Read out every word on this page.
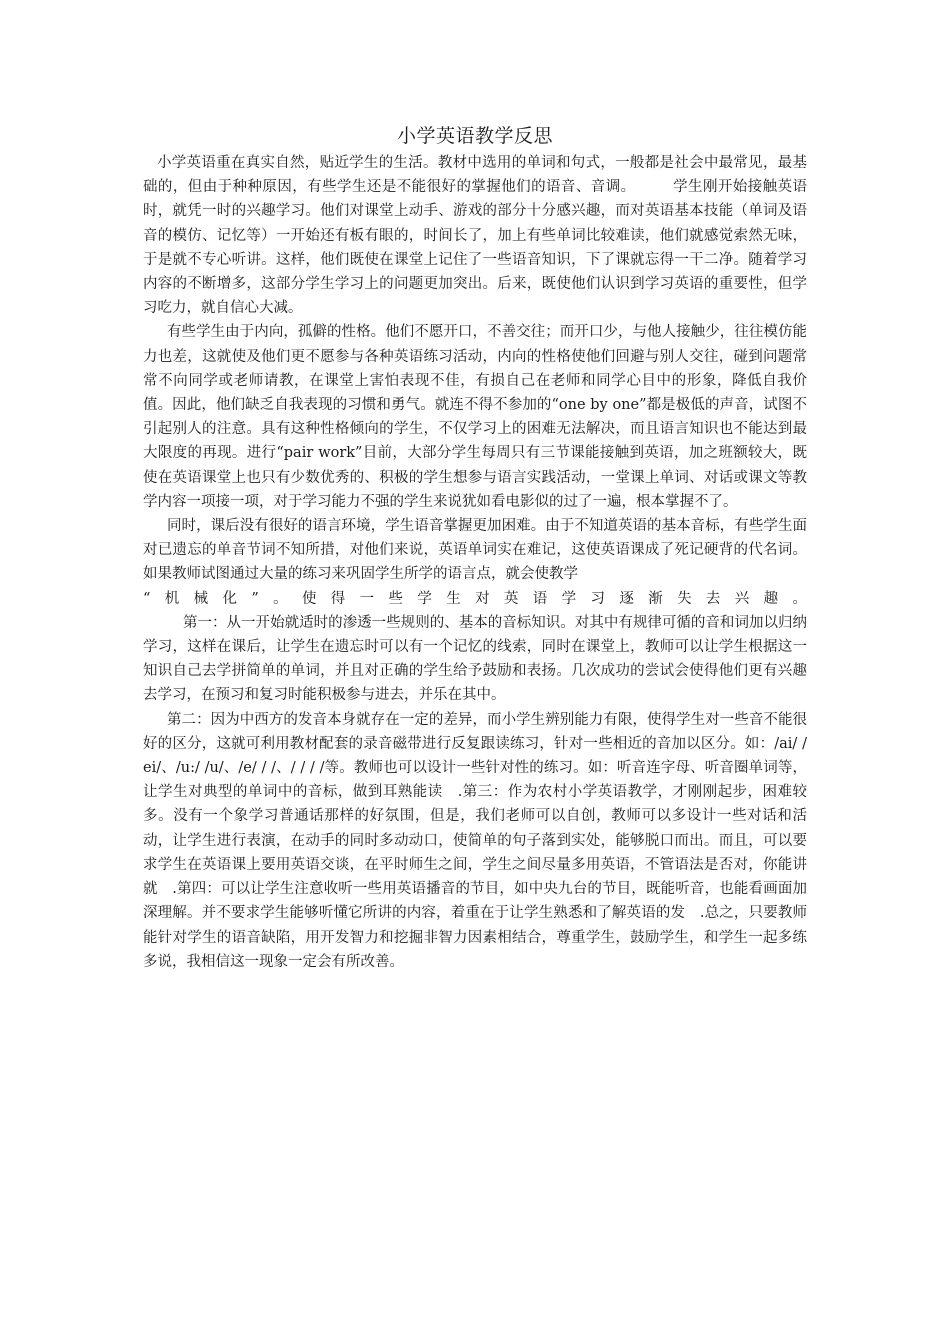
小学英语教学反思

小学英语重在真实自然，贴近学生的生活。教材中选用的单词和句式，一般都是社会中最常见，最基础的，但由于种种原因，有些学生还是不能很好的掌握他们的语音、音调。　　　学生刚开始接触英语时，就凭一时的兴趣学习。他们对课堂上动手、游戏的部分十分感兴趣，而对英语基本技能（单词及语音的模仿、记忆等）一开始还有板有眼的，时间长了，加上有些单词比较难读，他们就感觉索然无味，于是就不专心听讲。这样，他们既使在课堂上记住了一些语音知识，下了课就忘得一干二净。随着学习内容的不断增多，这部分学生学习上的问题更加突出。后来，既使他们认识到学习英语的重要性，但学习吃力，就自信心大减。

有些学生由于内向，孤僻的性格。他们不愿开口，不善交往；而开口少，与他人接触少，往往模仿能力也差，这就使及他们更不愿参与各种英语练习活动，内向的性格使他们回避与别人交往，碰到问题常常不向同学或老师请教，在课堂上害怕表现不佳，有损自己在老师和同学心目中的形象，降低自我价值。因此，他们缺乏自我表现的习惯和勇气。就连不得不参加的“one by one”都是极低的声音，试图不引起别人的注意。具有这种性格倾向的学生，不仅学习上的困难无法解决，而且语言知识也不能达到最大限度的再现。进行“pair work”目前，大部分学生每周只有三节课能接触到英语，加之班额较大，既使在英语课堂上也只有少数优秀的、积极的学生想参与语言实践活动，一堂课上单词、对话或课文等教学内容一项接一项，对于学习能力不强的学生来说犹如看电影似的过了一遍，根本掌握不了。

同时，课后没有很好的语言环境，学生语音掌握更加困难。由于不知道英语的基本音标，有些学生面对已遗忘的单音节词不知所措，对他们来说，英语单词实在难记，这使英语课成了死记硬背的代名词。如果教师试图通过大量的练习来巩固学生所学的语言点，就会使教学

“机械化”。使得一些学生对英语学习逐渐失去兴趣。

第一：从一开始就适时的渗透一些规则的、基本的音标知识。对其中有规律可循的音和词加以归纳学习，这样在课后，让学生在遗忘时可以有一个记忆的线索，同时在课堂上，教师可以让学生根据这一知识自己去学拼简单的单词，并且对正确的学生给予鼓励和表扬。几次成功的尝试会使得他们更有兴趣去学习，在预习和复习时能积极参与进去，并乐在其中。

第二：因为中西方的发音本身就存在一定的差异，而小学生辨别能力有限，使得学生对一些音不能很好的区分，这就可利用教材配套的录音磁带进行反复跟读练习，针对一些相近的音加以区分。如：/ai/ /ei/、/u:/ /u/、/e/ / /、/ / / /等。教师也可以设计一些针对性的练习。如：听音连字母、听音圈单词等，让学生对典型的单词中的音标，做到耳熟能读　.第三：作为农村小学英语教学，才刚刚起步，困难较多。没有一个象学习普通话那样的好氛围，但是，我们老师可以自创，教师可以多设计一些对话和活动，让学生进行表演，在动手的同时多动动口，使简单的句子落到实处，能够脱口而出。而且，可以要求学生在英语课上要用英语交谈，在平时师生之间，学生之间尽量多用英语，不管语法是否对，你能讲就　.第四：可以让学生注意收听一些用英语播音的节目，如中央九台的节目，既能听音，也能看画面加深理解。并不要求学生能够听懂它所讲的内容，着重在于让学生熟悉和了解英语的发　.总之，只要教师能针对学生的语音缺陷，用开发智力和挖掘非智力因素相结合，尊重学生，鼓励学生，和学生一起多练多说，我相信这一现象一定会有所改善。
